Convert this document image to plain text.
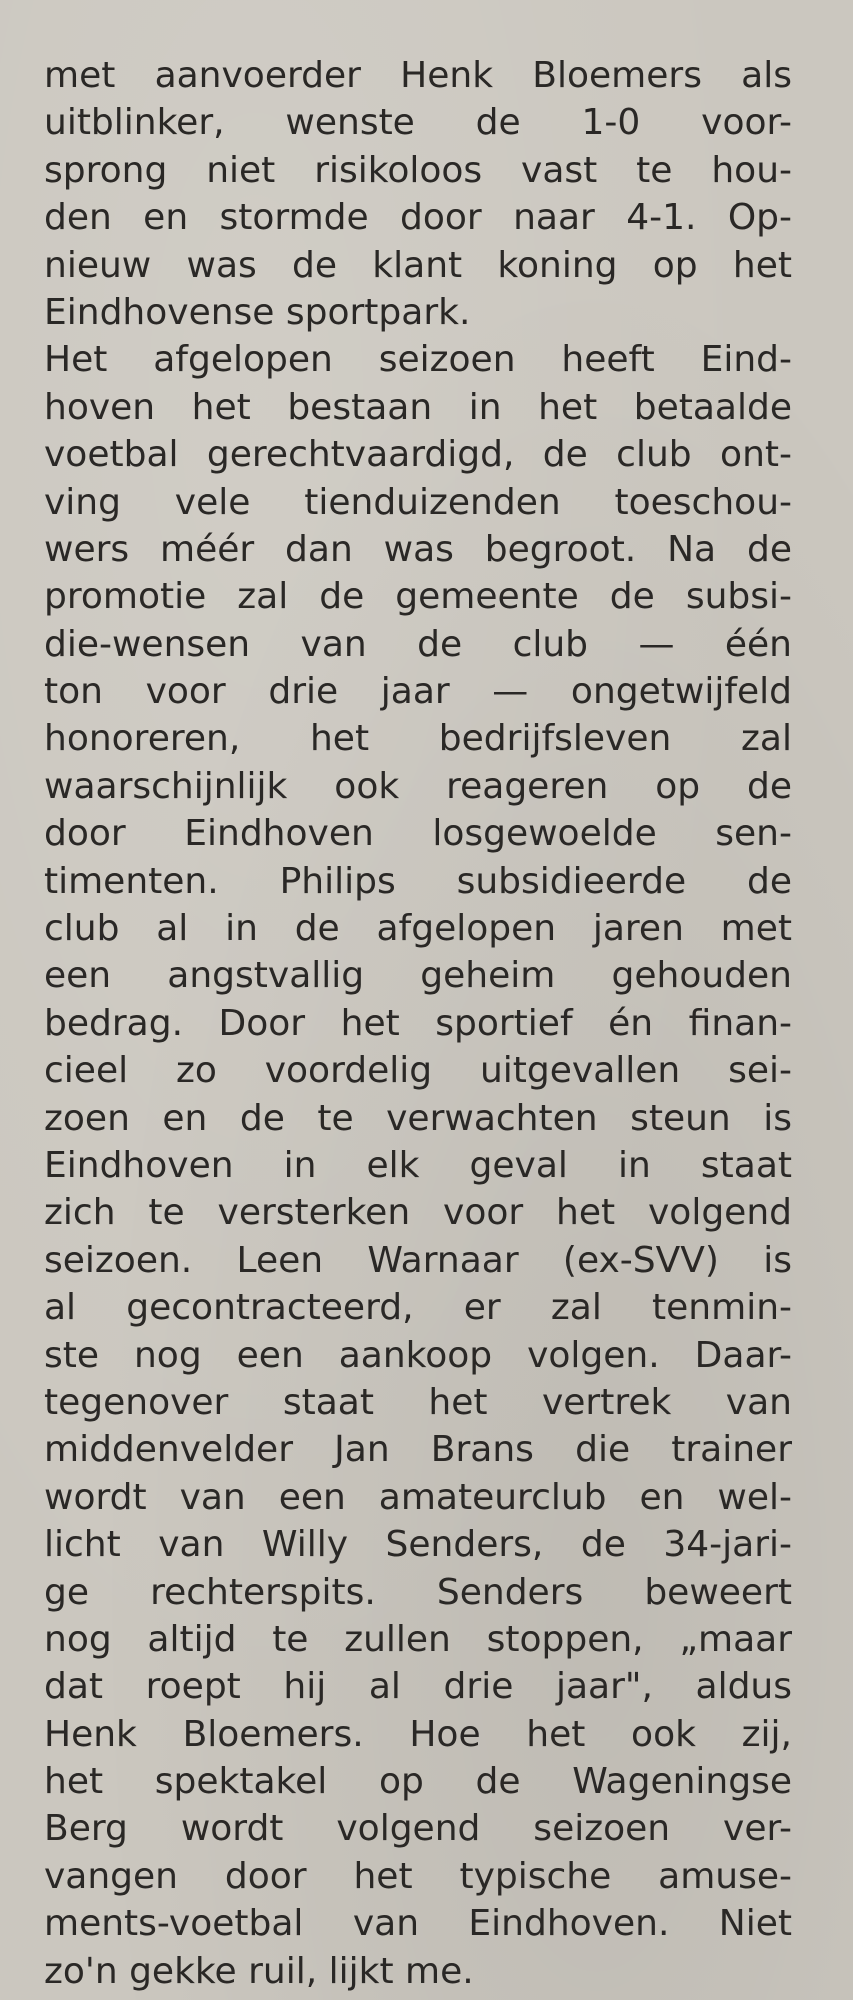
met aanvoerder Henk Bloemers als
uitblinker, wenste de 1-0 voor-
sprong niet risikoloos vast te hou-
den en stormde door naar 4-1. Op-
nieuw was de klant koning op het
Eindhovense sportpark.
Het afgelopen seizoen heeft Eind-
hoven het bestaan in het betaalde
voetbal gerechtvaardigd, de club ont-
ving vele tienduizenden toeschou-
wers méér dan was begroot. Na de
promotie zal de gemeente de subsi-
die-wensen van de club — één
ton voor drie jaar — ongetwijfeld
honoreren, het bedrijfsleven zal
waarschijnlijk ook reageren op de
door Eindhoven losgewoelde sen-
timenten. Philips subsidieerde de
club al in de afgelopen jaren met
een angstvallig geheim gehouden
bedrag. Door het sportief én finan-
cieel zo voordelig uitgevallen sei-
zoen en de te verwachten steun is
Eindhoven in elk geval in staat
zich te versterken voor het volgend
seizoen. Leen Warnaar (ex-SVV) is
al gecontracteerd, er zal tenmin-
ste nog een aankoop volgen. Daar-
tegenover staat het vertrek van
middenvelder Jan Brans die trainer
wordt van een amateurclub en wel-
licht van Willy Senders, de 34-jari-
ge rechterspits. Senders beweert
nog altijd te zullen stoppen, „maar
dat roept hij al drie jaar", aldus
Henk Bloemers. Hoe het ook zij,
het spektakel op de Wageningse
Berg wordt volgend seizoen ver-
vangen door het typische amuse-
ments-voetbal van Eindhoven. Niet
zo'n gekke ruil, lijkt me.
